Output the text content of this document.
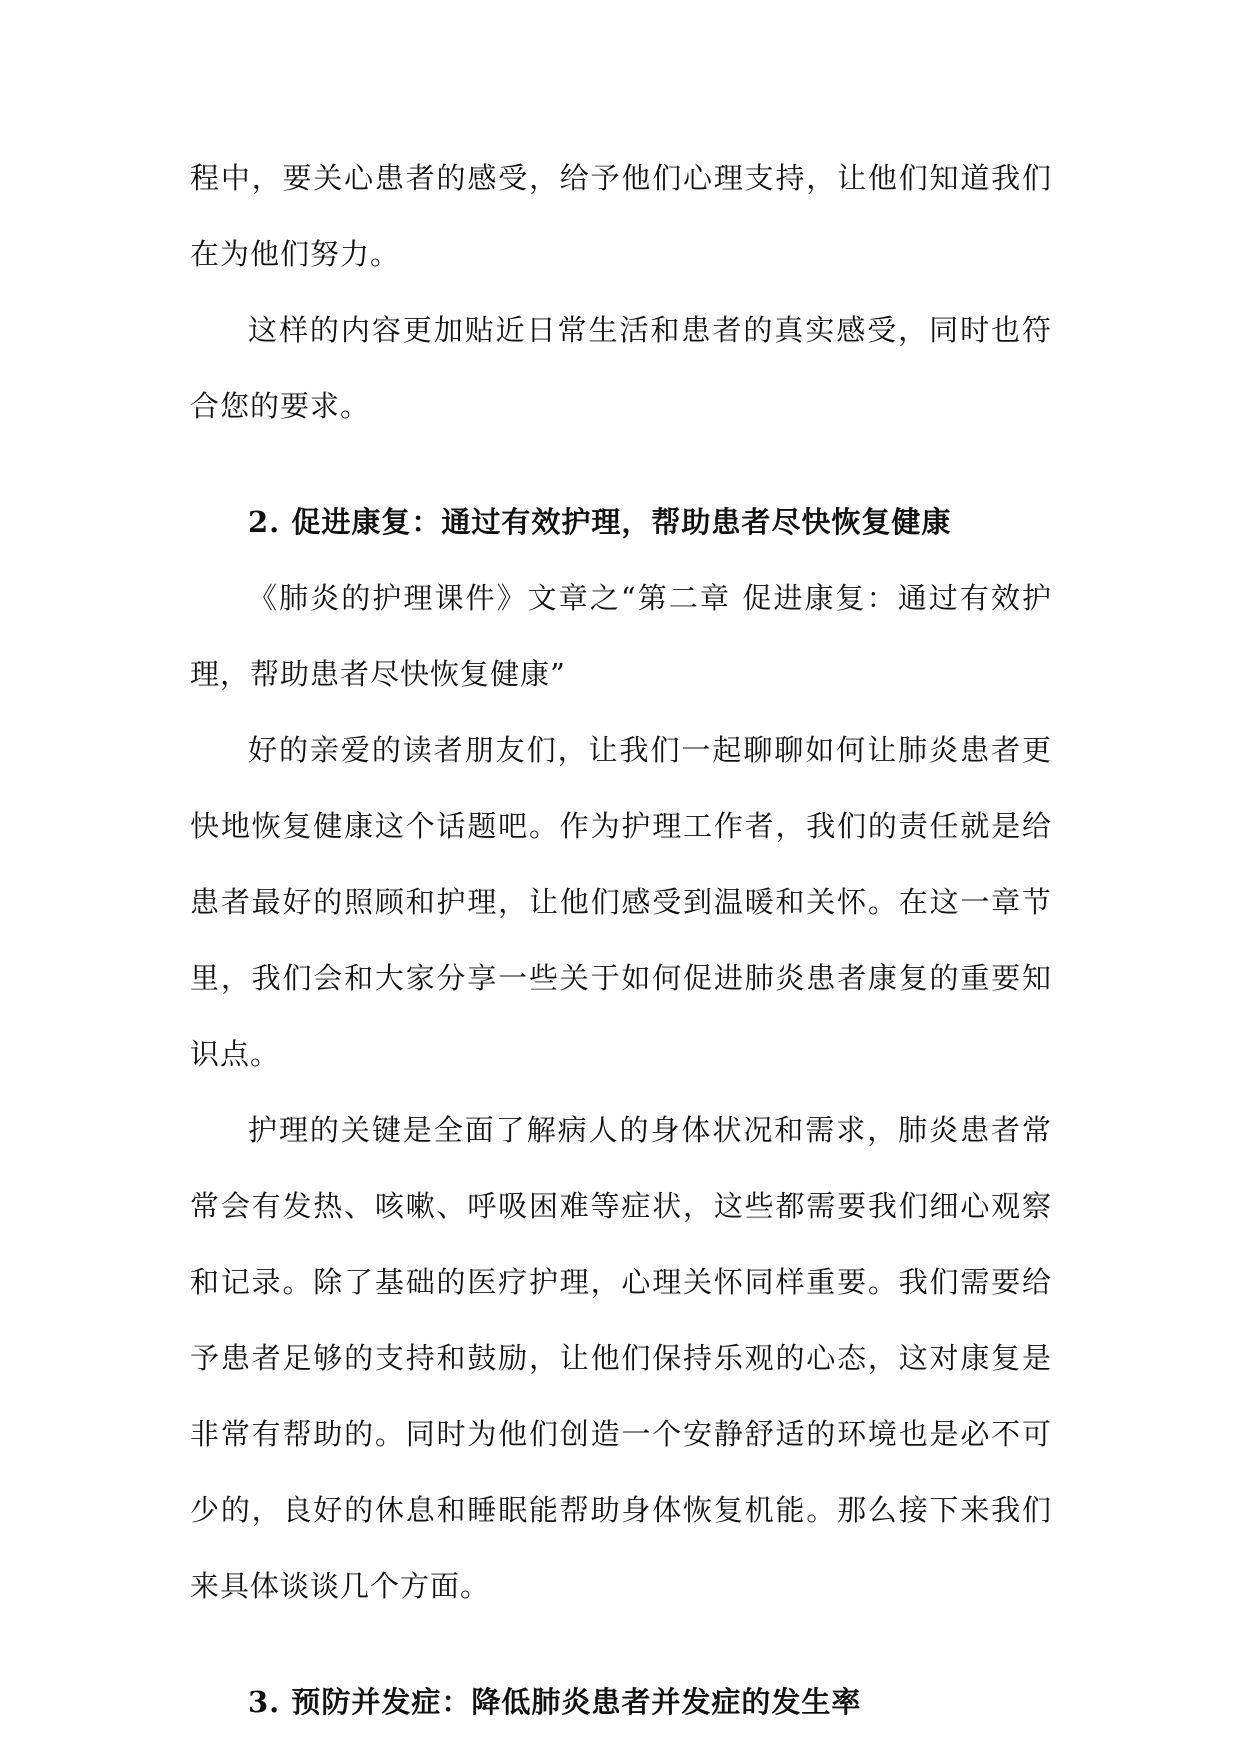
程中，要关心患者的感受，给予他们心理支持，让他们知道我们在为他们努力。

这样的内容更加贴近日常生活和患者的真实感受，同时也符合您的要求。

2. 促进康复：通过有效护理，帮助患者尽快恢复健康

《肺炎的护理课件》文章之“第二章 促进康复：通过有效护理，帮助患者尽快恢复健康”

好的亲爱的读者朋友们，让我们一起聊聊如何让肺炎患者更快地恢复健康这个话题吧。作为护理工作者，我们的责任就是给患者最好的照顾和护理，让他们感受到温暖和关怀。在这一章节里，我们会和大家分享一些关于如何促进肺炎患者康复的重要知识点。

护理的关键是全面了解病人的身体状况和需求，肺炎患者常常会有发热、咳嗽、呼吸困难等症状，这些都需要我们细心观察和记录。除了基础的医疗护理，心理关怀同样重要。我们需要给予患者足够的支持和鼓励，让他们保持乐观的心态，这对康复是非常有帮助的。同时为他们创造一个安静舒适的环境也是必不可少的，良好的休息和睡眠能帮助身体恢复机能。那么接下来我们来具体谈谈几个方面。

3. 预防并发症：降低肺炎患者并发症的发生率
